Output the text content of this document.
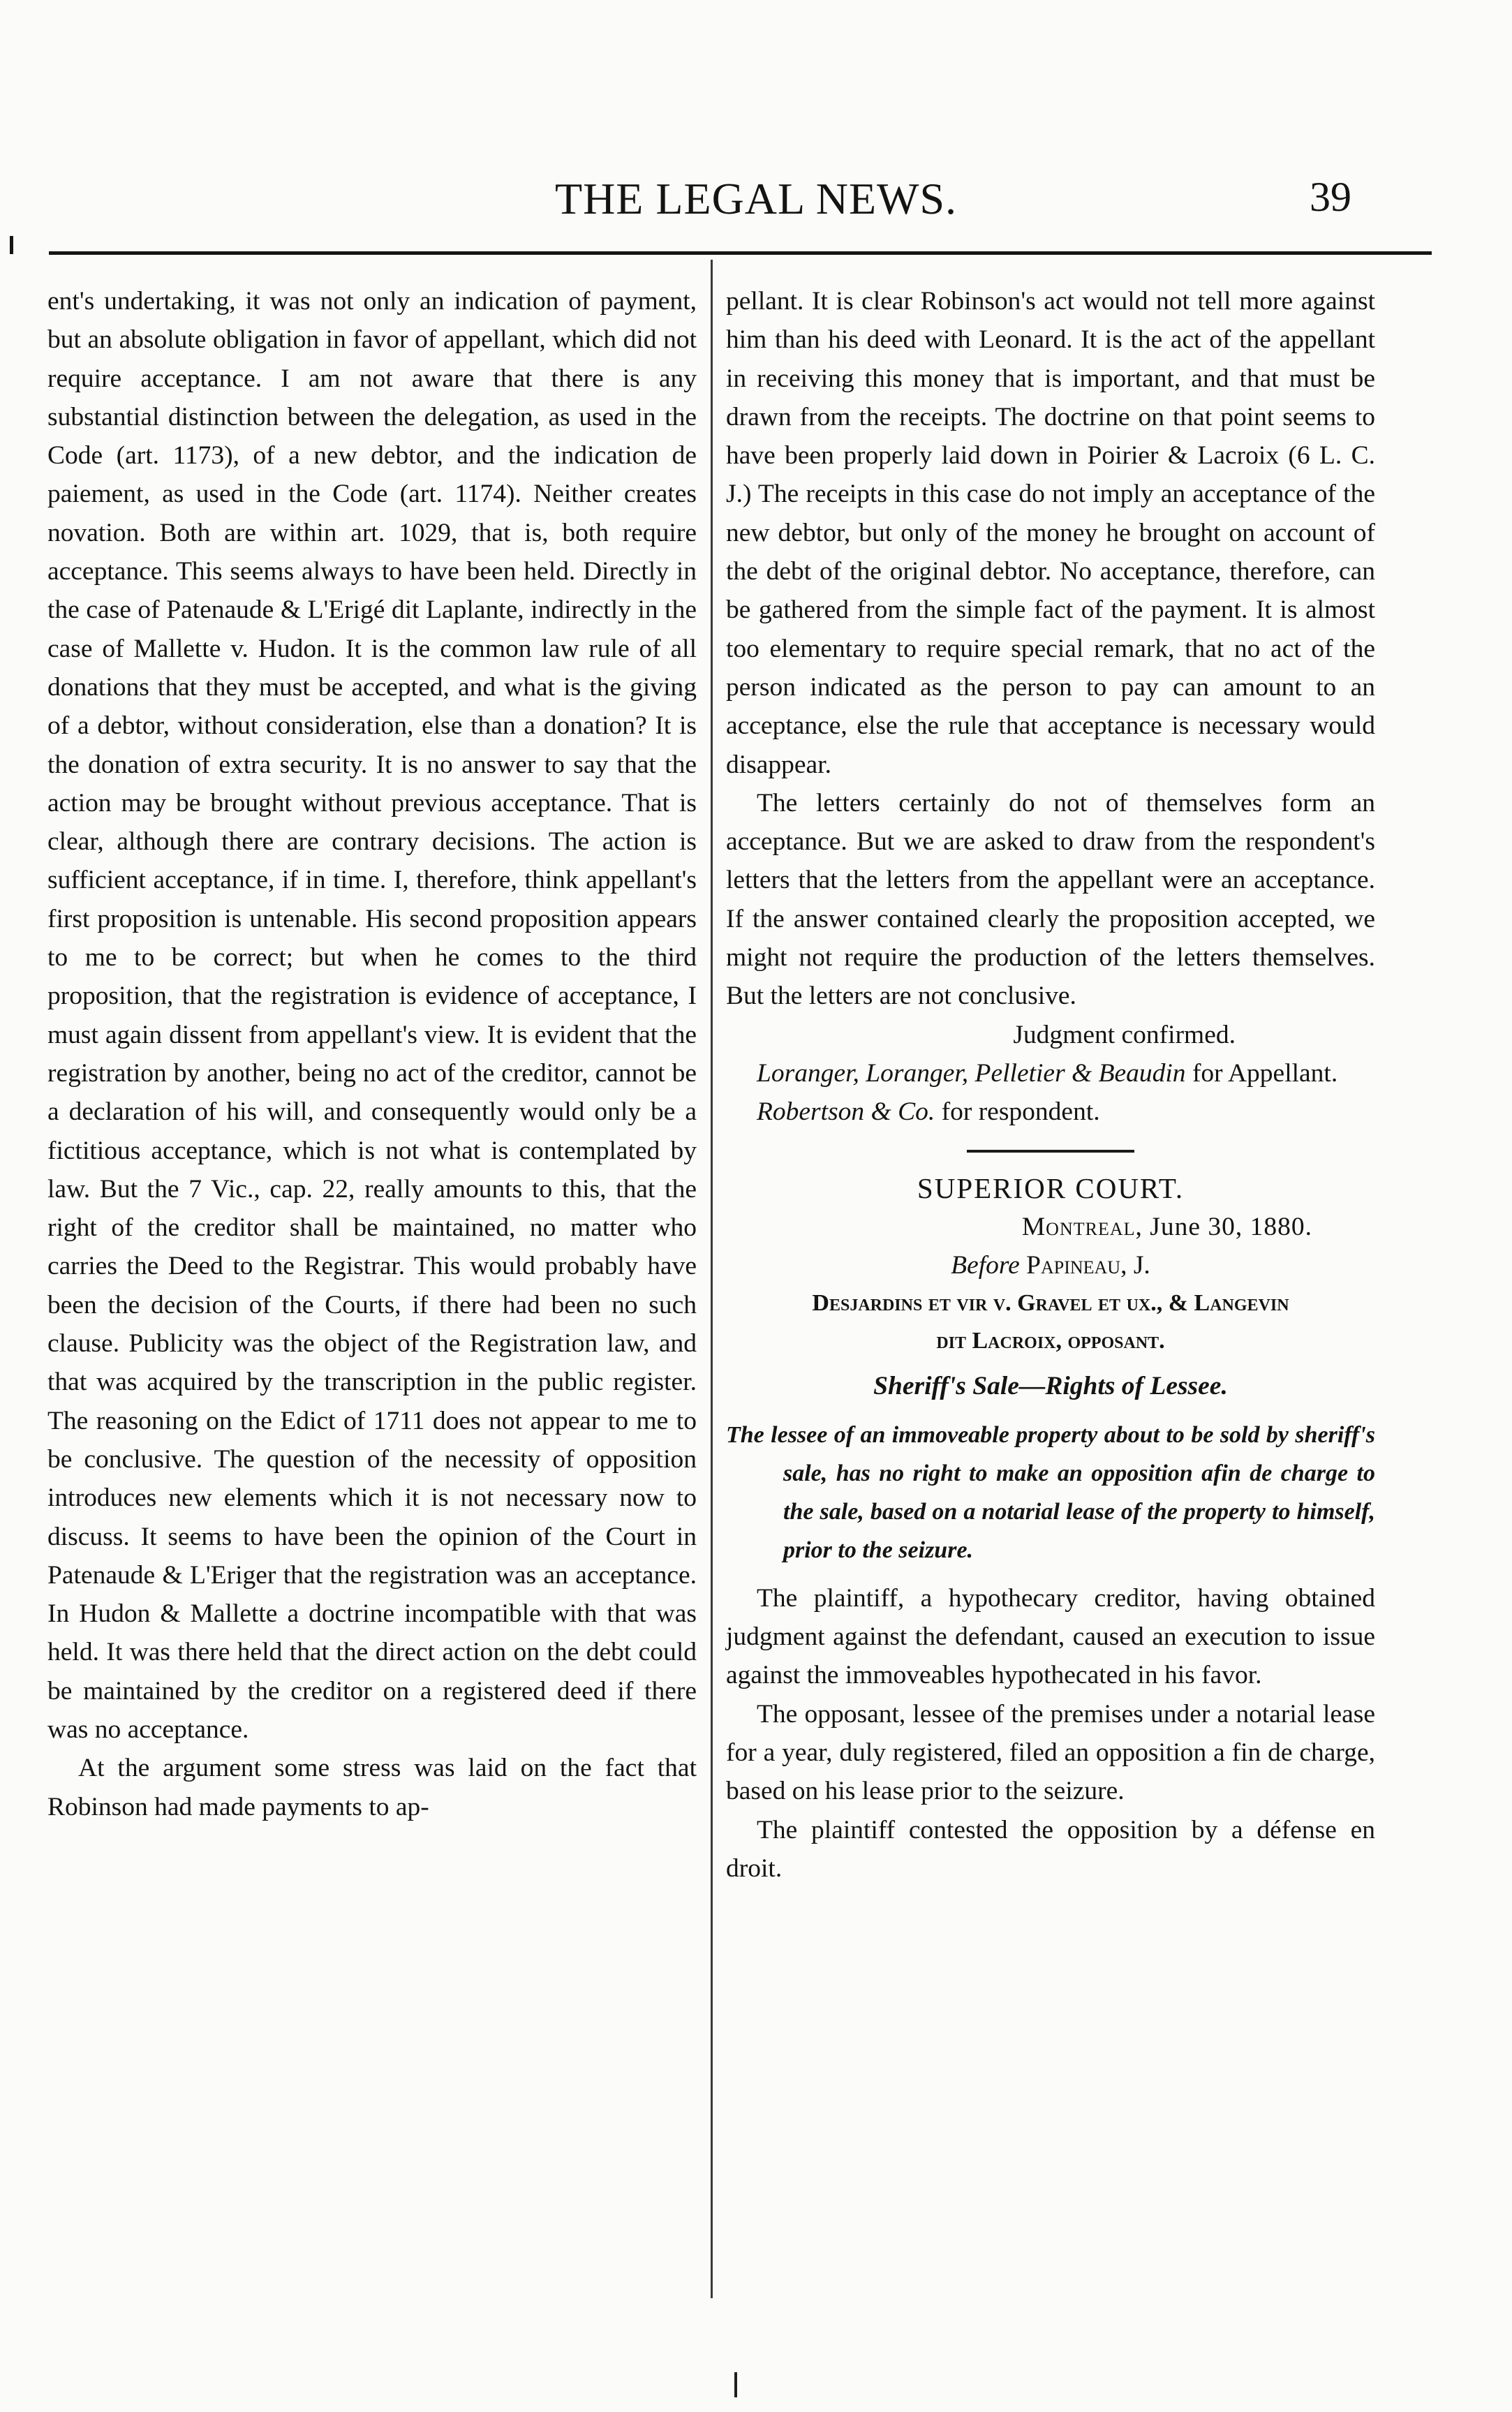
THE LEGAL NEWS.	39

ent's undertaking, it was not only an indication of payment, but an absolute obligation in favor of appellant, which did not require acceptance. I am not aware that there is any substantial distinction between the delegation, as used in the Code (art. 1173), of a new debtor, and the indication de paiement, as used in the Code (art. 1174). Neither creates novation. Both are within art. 1029, that is, both require acceptance. This seems always to have been held. Directly in the case of Patenaude & L'Erigé dit Laplante, indirectly in the case of Mallette v. Hudon. It is the common law rule of all donations that they must be accepted, and what is the giving of a debtor, without consideration, else than a donation? It is the donation of extra security. It is no answer to say that the action may be brought without previous acceptance. That is clear, although there are contrary decisions. The action is sufficient acceptance, if in time. I, therefore, think appellant's first proposition is untenable. His second proposition appears to me to be correct; but when he comes to the third proposition, that the registration is evidence of acceptance, I must again dissent from appellant's view. It is evident that the registration by another, being no act of the creditor, cannot be a declaration of his will, and consequently would only be a fictitious acceptance, which is not what is contemplated by law. But the 7 Vic., cap. 22, really amounts to this, that the right of the creditor shall be maintained, no matter who carries the Deed to the Registrar. This would probably have been the decision of the Courts, if there had been no such clause. Publicity was the object of the Registration law, and that was acquired by the transcription in the public register. The reasoning on the Edict of 1711 does not appear to me to be conclusive. The question of the necessity of opposition introduces new elements which it is not necessary now to discuss. It seems to have been the opinion of the Court in Patenaude & L'Eriger that the registration was an acceptance. In Hudon & Mallette a doctrine incompatible with that was held. It was there held that the direct action on the debt could be maintained by the creditor on a registered deed if there was no acceptance.

At the argument some stress was laid on the fact that Robinson had made payments to ap-

pellant. It is clear Robinson's act would not tell more against him than his deed with Leonard. It is the act of the appellant in receiving this money that is important, and that must be drawn from the receipts. The doctrine on that point seems to have been properly laid down in Poirier & Lacroix (6 L. C. J.) The receipts in this case do not imply an acceptance of the new debtor, but only of the money he brought on account of the debt of the original debtor. No acceptance, therefore, can be gathered from the simple fact of the payment. It is almost too elementary to require special remark, that no act of the person indicated as the person to pay can amount to an acceptance, else the rule that acceptance is necessary would disappear.

The letters certainly do not of themselves form an acceptance. But we are asked to draw from the respondent's letters that the letters from the appellant were an acceptance. If the answer contained clearly the proposition accepted, we might not require the production of the letters themselves. But the letters are not conclusive.

Judgment confirmed.

Loranger, Loranger, Pelletier & Beaudin for Appellant.

Robertson & Co. for respondent.

SUPERIOR COURT.

Montreal, June 30, 1880.

Before Papineau, J.

Desjardins et vir v. Gravel et ux., & Langevin

dit Lacroix, opposant.

Sheriff's Sale—Rights of Lessee.

The lessee of an immoveable property about to be sold by sheriff's sale, has no right to make an opposition afin de charge to the sale, based on a notarial lease of the property to himself, prior to the seizure.

The plaintiff, a hypothecary creditor, having obtained judgment against the defendant, caused an execution to issue against the immoveables hypothecated in his favor.

The opposant, lessee of the premises under a notarial lease for a year, duly registered, filed an opposition a fin de charge, based on his lease prior to the seizure.

The plaintiff contested the opposition by a défense en droit.
